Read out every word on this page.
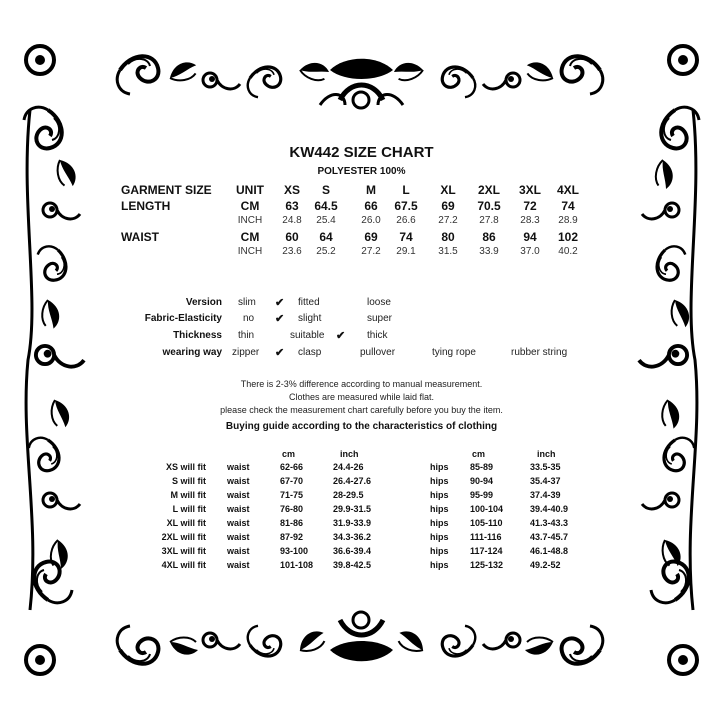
KW442 SIZE CHART
POLYESTER 100%
GARMENT SIZE	UNIT	XS	S	M	L	XL	2XL	3XL	4XL
LENGTH	CM	63	64.5	66	67.5	69	70.5	72	74
INCH	24.8	25.4	26.0	26.6	27.2	27.8	28.3	28.9
WAIST	CM	60	64	69	74	80	86	94	102
INCH	23.6	25.2	27.2	29.1	31.5	33.9	37.0	40.2
Version slim ✔ fitted	loose
Fabric-Elasticity no ✔ slight	super
Thickness thin	suitable ✔ thick
wearing way zipper ✔ clasp	pullover	tying rope	rubber string
There is 2-3% difference according to manual measurement.
Clothes are measured while laid flat.
please check the measurement chart carefully before you buy the item.
Buying guide according to the characteristics of clothing
cm	inch	cm	inch
XS will fit waist	62-66	24.4-26	hips 85-89	33.5-35
S will fit waist	67-70	26.4-27.6	hips 90-94	35.4-37
M will fit waist	71-75	28-29.5	hips 95-99	37.4-39
L will fit waist	76-80	29.9-31.5	hips 100-104	39.4-40.9
XL will fit waist	81-86	31.9-33.9	hips 105-110	41.3-43.3
2XL will fit waist	87-92	34.3-36.2	hips 111-116	43.7-45.7
3XL will fit waist	93-100	36.6-39.4	hips 117-124	46.1-48.8
4XL will fit waist	101-108 39.8-42.5	hips 125-132	49.2-52
